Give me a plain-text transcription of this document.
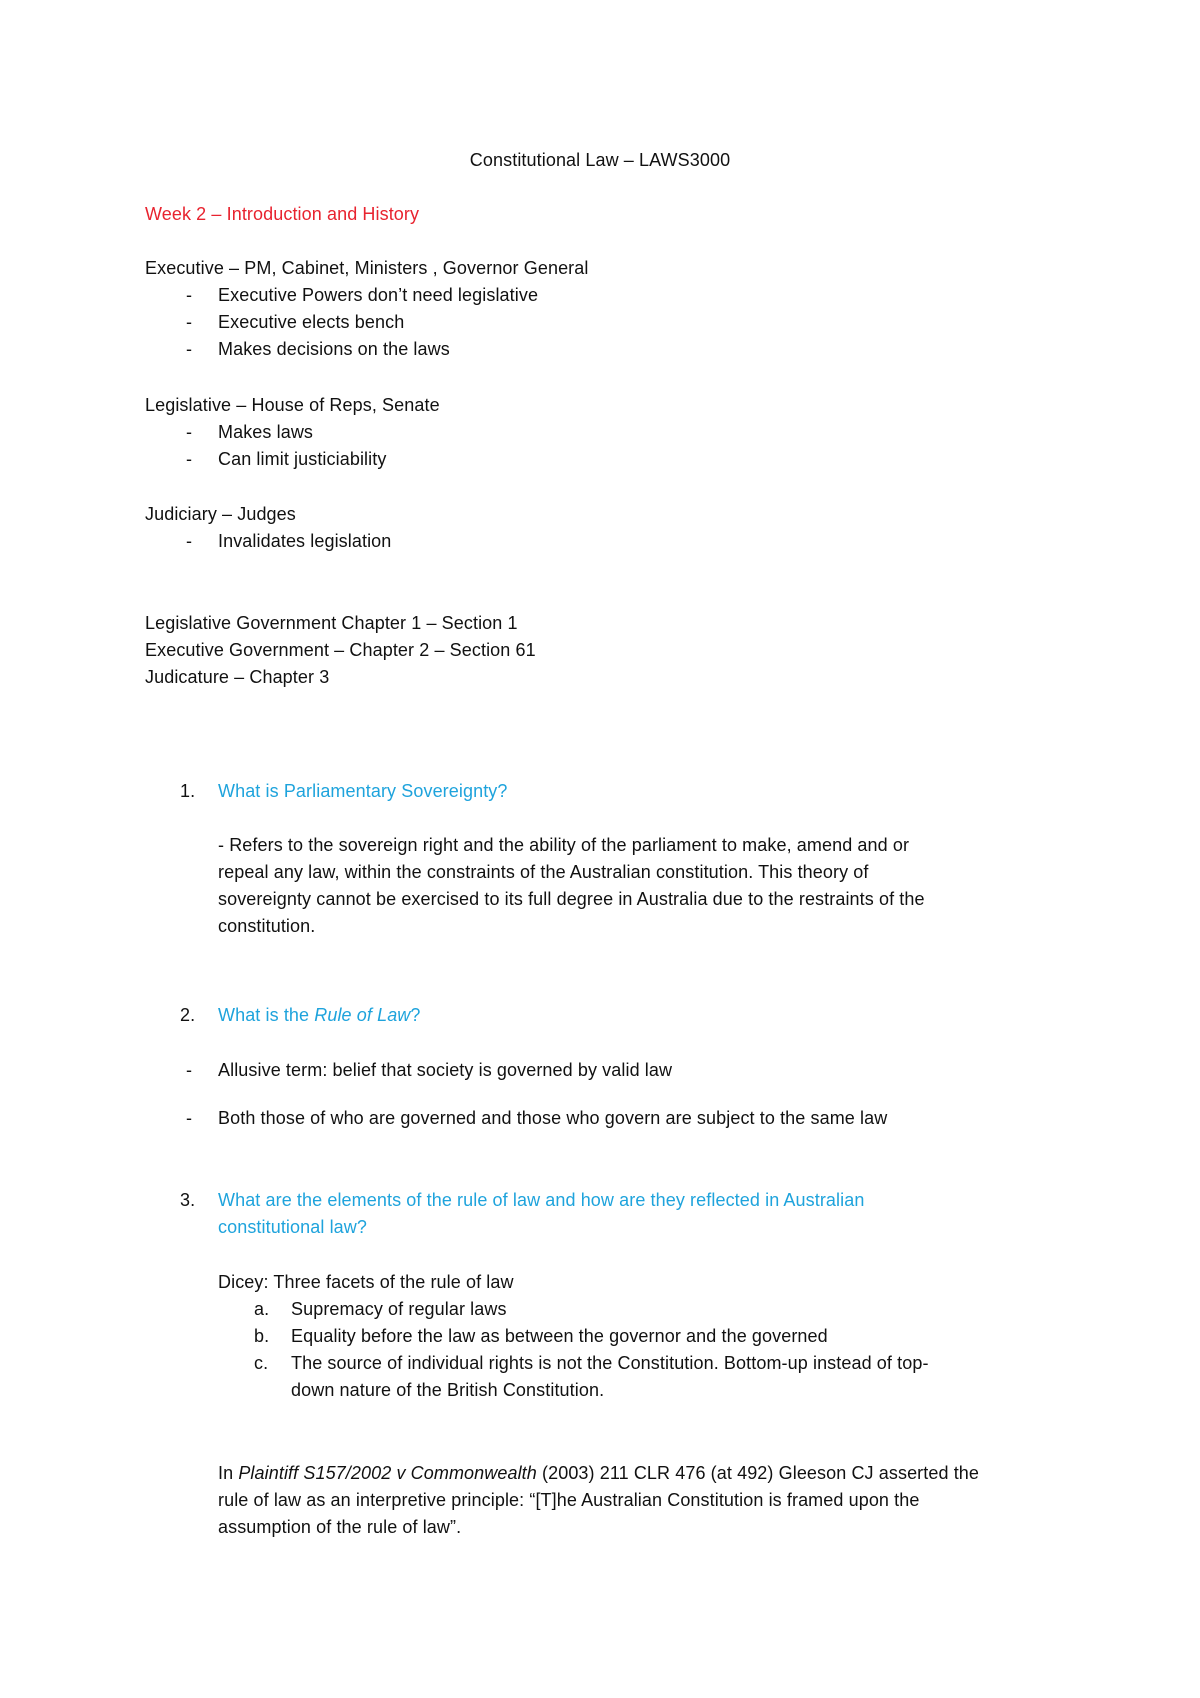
Constitutional Law – LAWS3000
Week 2 – Introduction and History
Executive – PM, Cabinet, Ministers , Governor General
- Executive Powers don’t need legislative
- Executive elects bench
- Makes decisions on the laws
Legislative – House of Reps, Senate
- Makes laws
- Can limit justiciability
Judiciary – Judges
- Invalidates legislation
Legislative Government Chapter 1 – Section 1
Executive Government – Chapter 2 – Section 61
Judicature – Chapter 3
1. What is Parliamentary Sovereignty?
- Refers to the sovereign right and the ability of the parliament to make, amend and or
repeal any law, within the constraints of the Australian constitution. This theory of
sovereignty cannot be exercised to its full degree in Australia due to the restraints of the
constitution.
2. What is the Rule of Law?
- Allusive term: belief that society is governed by valid law
- Both those of who are governed and those who govern are subject to the same law
3. What are the elements of the rule of law and how are they reflected in Australian
constitutional law?
Dicey: Three facets of the rule of law
a. Supremacy of regular laws
b. Equality before the law as between the governor and the governed
c. The source of individual rights is not the Constitution. Bottom-up instead of top-
down nature of the British Constitution.
In Plaintiff S157/2002 v Commonwealth (2003) 211 CLR 476 (at 492) Gleeson CJ asserted the
rule of law as an interpretive principle: “[T]he Australian Constitution is framed upon the
assumption of the rule of law”.
